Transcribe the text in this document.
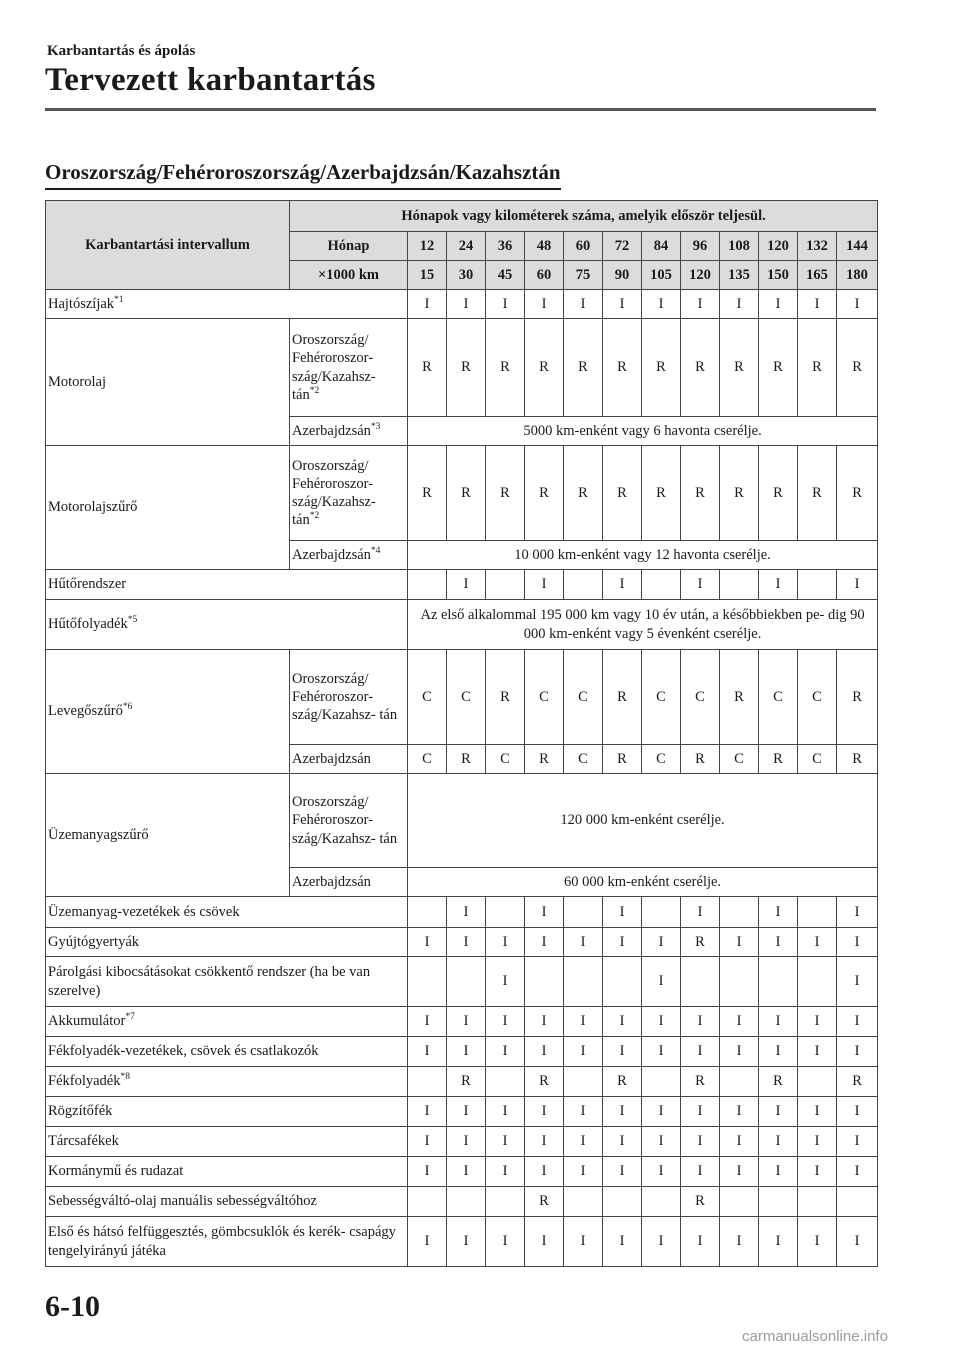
Karbantartás és ápolás
Tervezett karbantartás
Oroszország/Fehéroroszország/Azerbajdzsán/Kazahsztán
Karbantartási intervallum	Hónapok vagy kilométerek száma, amelyik először teljesül.												
	Hónap	12	24	36	48	60	72	84	96	108	120	132	144
	×1000 km	15	30	45	60	75	90	105	120	135	150	165	180
Hajtószíjak$^{*1}$		I	I	I	I	I	I	I	I	I	I	I	I
Motorolaj	Oroszország/ Fehéroroszor- szág/Kazahsz- tán$^{*2}$	R	R	R	R	R	R	R	R	R	R	R	R
	Azerbajdzsán$^{*3}$	5000 km-enként vagy 6 havonta cserélje.											
Motorolajszűrő	Oroszország/ Fehéroroszor- szág/Kazahsz- tán$^{*2}$	R	R	R	R	R	R	R	R	R	R	R	R
	Azerbajdzsán$^{*4}$	10 000 km-enként vagy 12 havonta cserélje.											
Hűtőrendszer			I		I		I		I		I		I
Hűtőfolyadék$^{*5}$		Az első alkalommal 195 000 km vagy 10 év után, a későbbiekben pe- dig 90 000 km-enként vagy 5 évenként cserélje.											
Levegőszűrő$^{*6}$	Oroszország/ Fehéroroszor- szág/Kazahsz- tán	C	C	R	C	C	R	C	C	R	C	C	R
	Azerbajdzsán	C	R	C	R	C	R	C	R	C	R	C	R
Üzemanyagszűrő	Oroszország/ Fehéroroszor- szág/Kazahsz- tán	120 000 km-enként cserélje.											
	Azerbajdzsán	60 000 km-enként cserélje.											
Üzemanyag-vezetékek és csövek			I		I		I		I		I		I
Gyújtógyertyák		I	I	I	I	I	I	I	R	I	I	I	I
Párolgási kibocsátásokat csökkentő rendszer (ha be van szerelve)				I				I					I
Akkumulátor$^{*7}$		I	I	I	I	I	I	I	I	I	I	I	I
Fékfolyadék-vezetékek, csövek és csatlakozók		I	I	I	I	I	I	I	I	I	I	I	I
Fékfolyadék$^{*8}$			R		R		R		R		R		R
Rögzítőfék		I	I	I	I	I	I	I	I	I	I	I	I
Tárcsafékek		I	I	I	I	I	I	I	I	I	I	I	I
Kormánymű és rudazat		I	I	I	I	I	I	I	I	I	I	I	I
Sebességváltó-olaj manuális sebességváltóhoz					R				R				
Első és hátsó felfüggesztés, gömbcsuklók és kerék- csapágy tengelyirányú játéka		I	I	I	I	I	I	I	I	I	I	I	I
6-10
carmanualsonline.info
